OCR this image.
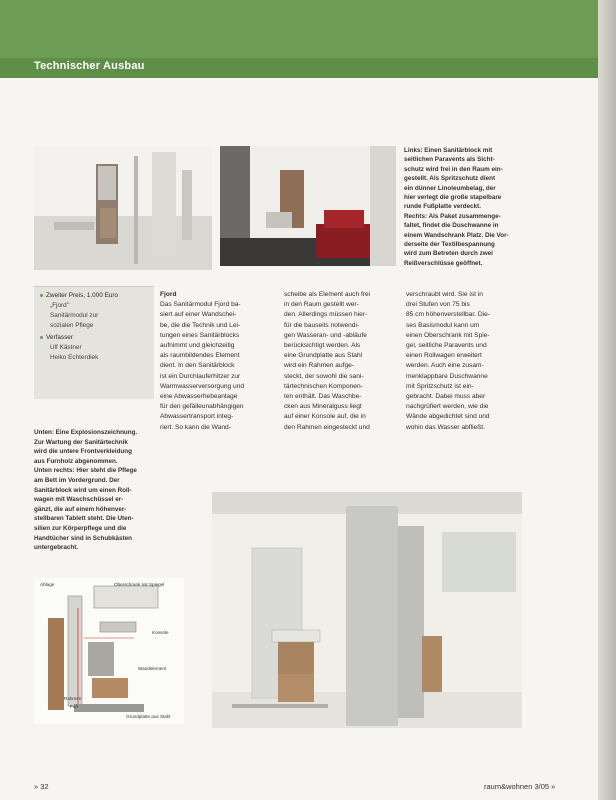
Technischer Ausbau
Links: Einen Sanitärblock mit
seitlichen Paravents als Sicht-
schutz wird frei in den Raum ein-
gestellt. Als Spritzschutz dient
ein dünner Linoleumbelag, der
hier verlegt die große stapelbare
runde Fußplatte verdeckt.
Rechts: Als Paket zusammenge-
faltet, findet die Duschwanne in
einem Wandschrank Platz. Die Vor-
derseite der Textilbespannung
wird zum Betreten durch zwei
Reißverschlüsse geöffnet.
Zweiter Preis, 1.000 Euro
„Fjord"
Sanitärmodul zur
sozialen Pflege
Verfasser
Ulf Kästner
Heiko Echterdiek
Unten: Eine Explosionszeichnung.
Zur Wartung der Sanitärtechnik
wird die untere Frontverkleidung
aus Furnholz abgenommen.
Unten rechts: Hier steht die Pflege
am Bett im Vordergrund. Der
Sanitärblock wird um einen Roll-
wagen mit Waschschüssel er-
gänzt, die auf einem höhenver-
stellbaren Tablett steht. Die Uten-
silien zur Körperpflege und die
Handtücher sind in Schubkästen
untergebracht.
Fjord
Das Sanitärmodul Fjord ba-
siert auf einer Wandschei-
be, die die Technik und Lei-
tungen eines Sanitärblocks
aufnimmt und gleichzeitig
als raumbildendes Element
dient. In den Sanitärblock
ist ein Durchlauferhitzer zur
Warmwasserversorgung und
eine Abwasserhebeanlage
für den gefälleunabhängigen
Abwassertransport integ-
riert. So kann die Wand-
scheibe als Element auch frei
in den Raum gestellt wer-
den. Allerdings müssen hier-
für die bauseits notwendi-
gen Wasseran- und -abläufe
berücksichtigt werden. Als
eine Grundplatte aus Stahl
wird ein Rahmen aufge-
steckt, der sowohl die sani-
tärtechnischen Komponen-
ten enthält. Das Waschbe-
cken aus Mineralguss liegt
auf einer Konsole auf, die in
den Rahmen eingesteckt und
verschraubt wird. Sie ist in
drei Stufen von 75 bis
85 cm höhenverstellbar. Die-
ses Basismodul kann um
einen Oberschrank mit Spie-
gel, seitliche Paravents und
einen Rollwagen erweitert
werden. Auch eine zusam-
menklappbare Duschwanne
mit Spritzschutz ist ein-
gebracht. Dabei muss aber
nachgrüfiert werden, wie die
Wände abgedichtet sind und
wohin das Wasser abfließt.
Ablage	Oberschrank mit Spiegel
Konsole
Wandelement
Rahmen
Fuß
Grundplatte aus Stahl
» 32	raum&wohnen 3/05 »
